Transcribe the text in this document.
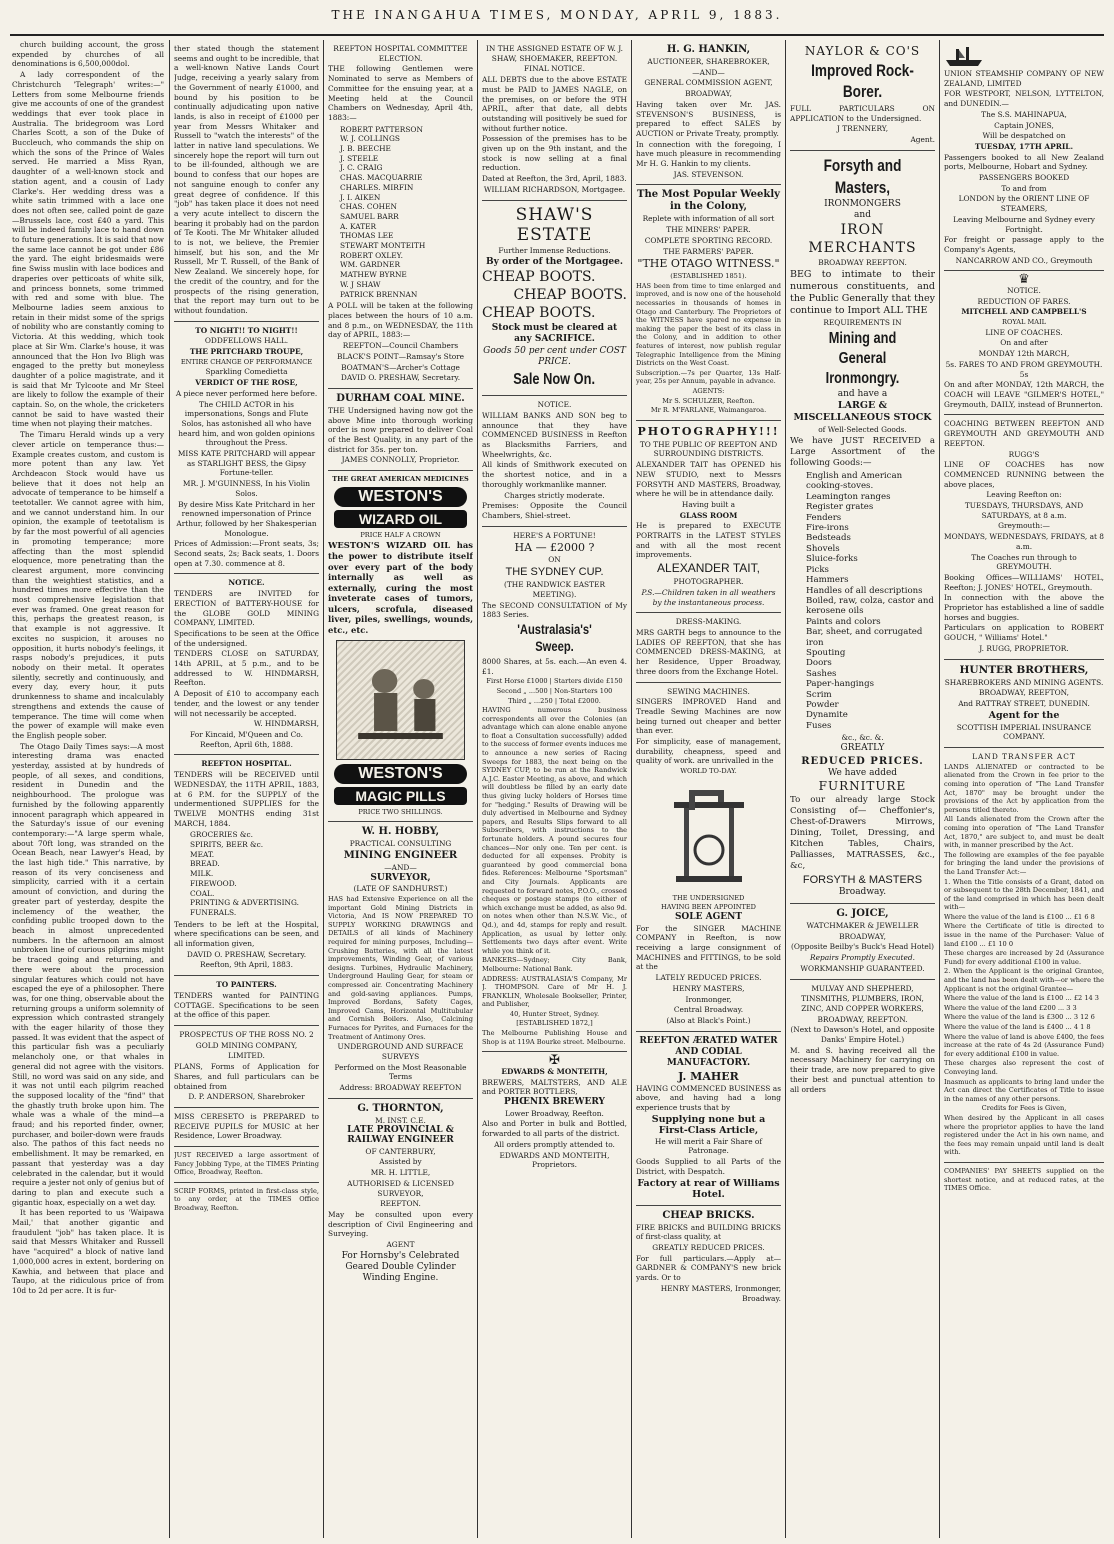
THE INANGAHUA TIMES, MONDAY, APRIL 9, 1883.

church building account, the gross expended by churches of all denominations is 6,500,000dol.

A lady correspondent of the Christchurch 'Telegraph' writes:—" Letters from some Melbourne friends give me accounts of one of the grandest weddings that ever took place in Australia. The bridegroom was Lord Charles Scott, a son of the Duke of Buccleuch, who commands the ship on which the sons of the Prince of Wales served. He married a Miss Ryan, daughter of a well-known stock and station agent, and a cousin of Lady Clarke's. Her wedding dress was a white satin trimmed with a lace one does not often see, called point de gaze —Brussels lace, cost £40 a yard. This will be indeed family lace to hand down to future generations. It is said that now the same lace cannot be got under £86 the yard. The eight bridesmaids were fine Swiss muslin with lace bodices and draperies over petticoats of white silk, and princess bonnets, some trimmed with red and some with blue. The Melbourne ladies seem anxious to retain in their midst some of the sprigs of nobility who are constantly coming to Victoria. At this wedding, which took place at Sir Wm. Clarke's house, it was announced that the Hon Ivo Bligh was engaged to the pretty but moneyless daughter of a police magistrate, and it is said that Mr Tylcoote and Mr Steel are likely to follow the example of their captain. So, on the whole, the cricketers cannot be said to have wasted their time when not playing their matches.

The Timaru Herald winds up a very clever article on temperance thus:— Example creates custom, and custom is more potent than any law. Yet Archdeacon Stock would have us believe that it does not help an advocate of temperance to be himself a teetotaller. We cannot agree with him, and we cannot understand him. In our opinion, the example of teetotalism is by far the most powerful of all agencies in promoting temperance; more affecting than the most splendid eloquence, more penetrating than the clearest argument, more convincing than the weightiest statistics, and a hundred times more effective than the most comprehensive legislation that ever was framed. One great reason for this, perhaps the greatest reason, is that example is not aggressive. It excites no suspicion, it arouses no opposition, it hurts nobody's feelings, it rasps nobody's prejudices, it puts nobody on their metal. It operates silently, secretly and continuously, and every day, every hour, it puts drunkenness to shame and incalculably strengthens and extends the cause of temperance. The time will come when the power of example will make even the English people sober.

The Otago Daily Times says:—A most interesting drama was enacted yesterday, assisted at by hundreds of people, of all sexes, and conditions, resident in Dunedin and the neighbourhood. The prologue was furnished by the following apparently innocent paragraph which appeared in the Saturday's issue of our evening contemporary:—"A large sperm whale, about 70ft long, was stranded on the Ocean Beach, near Lawyer's Head, by the last high tide." This narrative, by reason of its very conciseness and simplicity, carried with it a certain amount of conviction, and during the greater part of yesterday, despite the inclemency of the weather, the confiding public trooped down to the beach in almost unprecedented numbers. In the afternoon an almost unbroken line of curious pilgrims might be traced going and returning, and there were about the procession singular features which could not have escaped the eye of a philosopher. There was, for one thing, observable about the returning groups a uniform solemnity of expression which contrasted strangely with the eager hilarity of those they passed. It was evident that the aspect of this particular fish was a peculiarly melancholy one, or that whales in general did not agree with the visitors. Still, no word was said on any side, and it was not until each pilgrim reached the supposed locality of the "find" that the ghastly truth broke upon him. The whale was a whale of the mind—a fraud; and his reported finder, owner, purchaser, and boiler-down were frauds also. The pathos of this fact needs no embellishment. It may be remarked, en passant that yesterday was a day celebrated in the calendar, but it would require a jester not only of genius but of daring to plan and execute such a gigantic hoax, especially on a wet day.

It has been reported to us 'Waipawa Mail,' that another gigantic and fraudulent "job" has taken place. It is said that Messrs Whitaker and Russell have "acquired" a block of native land 1,000,000 acres in extent, bordering on Kawhia, and between that place and Taupo, at the ridiculous price of from 10d to 2d per acre. It is fur-

ther stated though the statement seems and ought to be incredible, that a well-known Native Lands Court Judge, receiving a yearly salary from the Government of nearly £1000, and bound by his position to be continually adjudicating upon native lands, is also in receipt of £1000 per year from Messrs Whitaker and Russell to "watch the interests" of the latter in native land speculations. We sincerely hope the report will turn out to be ill-founded, although we are bound to confess that our hopes are not sanguine enough to confer any great degree of confidence. If this "job" has taken place it does not need a very acute intellect to discern the bearing it probably had on the pardon of Te Kooti. The Mr Whitaker alluded to is not, we believe, the Premier himself, but his son, and the Mr Russell, Mr T. Russell, of the Bank of New Zealand. We sincerely hope, for the credit of the country, and for the prospects of the rising generation, that the report may turn out to be without foundation.
TO NIGHT!! TO NIGHT!!
ODDFELLOWS HALL.
THE PRITCHARD TROUPE,
ENTIRE CHANGE OF PERFORMANCE
Sparkling Comedietta
VERDICT OF THE ROSE,
A piece never performed here before.
The CHILD ACTOR in his impersonations, Songs and Flute Solos, has astonished all who have heard him, and won golden opinions throughout the Press.
MISS KATE PRITCHARD will appear as STARLIGHT BESS, the Gipsy Fortune-teller.
MR. J. M'GUINNESS, In his Violin Solos.
By desire Miss Kate Pritchard in her renowned impersonation of Prince Arthur, followed by her Shakesperian Monologue.
Prices of Admission:—Front seats, 3s; Second seats, 2s; Back seats, 1. Doors open at 7.30. commence at 8.
NOTICE.
TENDERS are INVITED for ERECTION of BATTERY-HOUSE for the GLOBE GOLD MINING COMPANY, LIMITED.
Specifications to be seen at the Office of the undersigned.
TENDERS CLOSE on SATURDAY, 14th APRIL, at 5 p.m., and to be addressed to W. HINDMARSH, Reefton.
A Deposit of £10 to accompany each tender, and the lowest or any tender will not necessarily be accepted.
W. HINDMARSH,
For Kincaid, M'Queen and Co. Reefton, April 6th, 1888.
REEFTON HOSPITAL.
TENDERS will be RECEIVED until WEDNESDAY, the 11TH APRIL, 1883, at 6 P.M. for the SUPPLY of the undermentioned SUPPLIES for the TWELVE MONTHS ending 31st MARCH, 1884.
GROCERIES &c.
SPIRITS, BEER &c.
MEAT.
BREAD.
MILK.
FIREWOOD.
COAL.
PRINTING & ADVERTISING.
FUNERALS.
Tenders to be left at the Hospital, where specifications can be seen, and all information given,
DAVID O. PRESHAW, Secretary.
Reefton, 9th April, 1883.
TO PAINTERS.
TENDERS wanted for PAINTING COTTAGE. Specifications to be seen at the office of this paper.
PROSPECTUS OF THE ROSS NO. 2
GOLD MINING COMPANY,
LIMITED.
PLANS, Forms of Application for Shares, and full particulars can be obtained from
D. P. ANDERSON, Sharebroker
MISS CERESETO is PREPARED to RECEIVE PUPILS for MUSIC at her Residence, Lower Broadway.
JUST RECEIVED a large assortment of Fancy Jobbing Type, at the TIMES Printing Office, Broadway, Reefton.
SCRIP FORMS, printed in first-class style, to any order, at the TIMES Office Broadway, Reefton.
REEFTON HOSPITAL COMMITTEE ELECTION.
THE following Gentlemen were Nominated to serve as Members of Committee for the ensuing year, at a Meeting held at the Council Chambers on Wednesday, April 4th, 1883:—
ROBERT PATTERSON
W. J. COLLINGS
J. B. BEECHE
J. STEELE
J. C. CRAIG
CHAS. MACQUARRIE
CHARLES. MIRFIN
J. I. AIKEN
CHAS. COHEN
SAMUEL BARR
A. KATER
THOMAS LEE
STEWART MONTEITH
ROBERT OXLEY.
WM. GARDNER
MATHEW BYRNE
W. J SHAW
PATRICK BRENNAN
A POLL will be taken at the following places between the hours of 10 a.m. and 8 p.m., on WEDNESDAY, the 11th day of APRIL, 1883:—
REEFTON—Council Chambers
BLACK'S POINT—Ramsay's Store
BOATMAN'S—Archer's Cottage
DAVID O. PRESHAW, Secretary.
DURHAM COAL MINE.
THE Undersigned having now got the above Mine into thorough working order is now prepared to deliver Coal of the Best Quality, in any part of the district for 35s. per ton.
JAMES CONNOLLY, Proprietor.
THE GREAT AMERICAN MEDICINES
WESTON'S
WIZARD OIL
PRICE HALF A CROWN
WESTON'S WIZARD OIL has the power to distribute itself over every part of the body internally as well as externally, curing the most inveterate cases of tumors, ulcers, scrofula, diseased liver, piles, swellings, wounds, etc., etc.
WESTON'S
MAGIC PILLS
PRICE TWO SHILLINGS.
W. H. HOBBY,
PRACTICAL CONSULTING
MINING ENGINEER
—AND—
SURVEYOR,
(LATE OF SANDHURST.)
HAS had Extensive Experience on all the important Gold Mining Districts in Victoria, And IS NOW PREPARED TO SUPPLY WORKING DRAWINGS and DETAILS of all kinds of Machinery required for mining purposes, Including— Crushing Batteries, with all the latest improvements, Winding Gear, of various designs. Turbines, Hydraulic Machinery, Underground Hauling Gear, for steam or compressed air. Concentrating Machinery and gold-saving appliances. Pumps, Improved Bordans, Safety Cages, Improved Cams, Horizontal Multitubular and Cornish Boilers. Also, Calcining Furnaces for Pyrites, and Furnaces for the Treatment of Antimony Ores.
UNDERGROUND AND SURFACE SURVEYS
Performed on the Most Reasonable Terms
Address: BROADWAY REEFTON
G. THORNTON,
M. INST. C.E.
LATE PROVINCIAL & RAILWAY ENGINEER
OF CANTERBURY,
Assisted by
MR. H. LITTLE,
AUTHORISED & LICENSED SURVEYOR,
REEFTON.
May be consulted upon every description of Civil Engineering and Surveying.
AGENT
For Hornsby's Celebrated Geared Double Cylinder Winding Engine.
IN THE ASSIGNED ESTATE OF W. J. SHAW, SHOEMAKER, REEFTON.
FINAL NOTICE.
ALL DEBTS due to the above ESTATE must be PAID to JAMES NAGLE, on the premises, on or before the 9TH APRIL, after that date, all debts outstanding will positively be sued for without further notice.
Possession of the premises has to be given up on the 9th instant, and the stock is now selling at a final reduction.
Dated at Reefton, the 3rd, April, 1883.
WILLIAM RICHARDSON, Mortgagee.
SHAW'S ESTATE
Further Immense Reductions.
By order of the Mortgagee.
CHEAP BOOTS.
CHEAP BOOTS.
CHEAP BOOTS.
Stock must be cleared at any SACRIFICE.
Goods 50 per cent under COST PRICE.
Sale Now On.
NOTICE.
WILLIAM BANKS AND SON beg to announce that they have COMMENCED BUSINESS in Reefton as Blacksmiths Farriers, and Wheelwrights, &c.
All kinds of Smithwork executed on the shortest notice, and in a thoroughly workmanlike manner.
Charges strictly moderate.
Premises: Opposite the Council Chambers, Shiel-street.
HERE'S A FORTUNE!
HA — £2000 ?
ON
THE SYDNEY CUP.
(THE RANDWICK EASTER MEETING).
The SECOND CONSULTATION of My 1883 Series.
'Australasia's' Sweep.
8000 Shares, at 5s. each.—An even 4. £1.
First Horse £1000 | Starters divide £150
Second „ ...500 | Non-Starters 100
Third „ ...250 | Total £2000.
HAVING numerous business correspondents all over the Colonies (an advantage which can alone enable anyone to float a Consultation successfully) added to the success of former events induces me to announce a new series of Racing Sweeps for 1883, the next being on the SYDNEY CUP, to be run at the Randwick A.J.C. Easter Meeting, as above, and which will doubtless be filled by an early date thus giving lucky holders of Horses time for "hedging." Results of Drawing will be duly advertised in Melbourne and Sydney papers, and Results Slips forward to all Subscribers, with instructions to the fortunate holders. A pound secures four chances—Nor only one. Ten per cent. is deducted for all expenses. Probity is guaranteed by good commercial bona fides. References: Melbourne "Sportsman" and City Journals. Applicants are requested to forward notes, P.O.O., crossed cheques or postage stamps (to either of which exchange must be added, as also 9d. on notes when other than N.S.W. Vic., of Qd.), and 4d, stamps for reply and result. Application, as usual by letter only. Settlements two days after event. Write while you think of it.
BANKERS—Sydney; City Bank, Melbourne: National Bank.
ADDRESS: AUSTRALASIA'S Company, Mr J. THOMPSON. Care of Mr H. J. FRANKLIN, Wholesale Bookseller, Printer, and Publisher,
40, Hunter Street, Sydney.
[ESTABLISHED 1872,]
The Melbourne Publishing House and Shop is at 119A Bourke street. Melbourne.
✠
EDWARDS & MONTEITH,
BREWERS, MALTSTERS, AND ALE and PORTER BOTTLERS,
PHŒNIX BREWERY
Lower Broadway, Reefton.
Also and Porter in bulk and Bottled, forwarded to all parts of the district.
All orders promptly attended to.
EDWARDS AND MONTEITH, Proprietors.
H. G. HANKIN,
AUCTIONEER, SHAREBROKER,
—AND—
GENERAL COMMISSION AGENT,
BROADWAY,
Having taken over Mr. JAS. STEVENSON'S BUSINESS, is prepared to effect SALES by AUCTION or Private Treaty, promptly.
In connection with the foregoing, I have much pleasure in recommending Mr H. G. Hankin to my clients.
JAS. STEVENSON.
The Most Popular Weekly in the Colony,
Replete with information of all sort
THE MINERS' PAPER.
COMPLETE SPORTING RECORD.
THE FARMERS' PAPER.
"THE OTAGO WITNESS."
(ESTABLISHED 1851).
HAS been from time to time enlarged and improved, and is now one of the household necessaries in thousands of homes in Otago and Canterbury. The Proprietors of the WITNESS have spared no expense in making the paper the best of its class in the Colony, and in addition to other features of interest, now publish regular Telegraphic Intelligence from the Mining Districts on the West Coast.
Subscription.—7s per Quarter, 13s Half-year, 25s per Annum, payable in advance.
AGENTS:
Mr S. SCHULZER, Reefton.
Mr R. M'FARLANE, Waimangaroa.
PHOTOGRAPHY!!!
TO THE PUBLIC OF REEFTON AND SURROUNDING DISTRICTS.
ALEXANDER TAIT has OPENED his NEW STUDIO, next to Messrs FORSYTH AND MASTERS, Broadway, where he will be in attendance daily.
Having built a
GLASS ROOM
He is prepared to EXECUTE PORTRAITS in the LATEST STYLES and with all the most recent improvements.
ALEXANDER TAIT,
PHOTOGRAPHER.
P.S.—Children taken in all weathers by the instantaneous process.
DRESS-MAKING.
MRS GARTH begs to announce to the LADIES OF REEFTON, that she has COMMENCED DRESS-MAKING, at her Residence, Upper Broadway, three doors from the Exchange Hotel.
SEWING MACHINES.
SINGERS IMPROVED Hand and Treadle Sewing Machines are now being turned out cheaper and better than ever.
For simplicity, ease of management, durability, cheapness, speed and quality of work. are unrivalled in the
WORLD TO-DAY.
THE UNDERSIGNED
HAVING BEEN APPOINTED
SOLE AGENT
For the SINGER MACHINE COMPANY in Reefton, is now receiving a large consignment of MACHINES and FITTINGS, to be sold at the
LATELY REDUCED PRICES.
HENRY MASTERS,
Ironmonger,
Central Broadway.
(Also at Black's Point.)
REEFTON ÆRATED WATER AND CODIAL MANUFACTORY.
J. MAHER
HAVING COMMENCED BUSINESS as above, and having had a long experience trusts that by
Supplying none but a First-Class Article,
He will merit a Fair Share of Patronage.
Goods Supplied to all Parts of the District, with Despatch.
Factory at rear of Williams Hotel.
CHEAP BRICKS.
FIRE BRICKS and BUILDING BRICKS of first-class quality, at
GREATLY REDUCED PRICES.
For full particulars.—Apply at—GARDNER & COMPANY'S new brick yards. Or to
HENRY MASTERS, Ironmonger, Broadway.
NAYLOR & CO'S
Improved Rock-Borer.
FULL PARTICULARS ON APPLICATION to the Undersigned.
J TRENNERY,
Agent.
Forsyth and Masters,
IRONMONGERS
and
IRON MERCHANTS
BROADWAY REEFTON.
BEG to intimate to their numerous constituents, and the Public Generally that they continue to Import ALL THE
REQUIREMENTS IN
Mining and General Ironmongry.
and have a
LARGE & MISCELLANEOUS STOCK
of Well-Selected Goods.
We have JUST RECEIVED a Large Assortment of the following Goods:—
English and American cooking-stoves.
Leamington ranges
Register grates
Fenders
Fire-irons
Bedsteads
Shovels
Sluice-forks
Picks
Hammers
Handles of all descriptions
Boiled, raw, colza, castor and kerosene oils
Paints and colors
Bar, sheet, and corrugated iron
Spouting
Doors
Sashes
Paper-hangings
Scrim
Powder
Dynamite
Fuses
&c., &c. &.
GREATLY
REDUCED PRICES.
We have added
FURNITURE
To our already large Stock Consisting of— Cheffonier's, Chest-of-Drawers Mirrows, Dining, Toilet, Dressing, and Kitchen Tables, Chairs, Palliasses, MATRASSES, &c., &c,
FORSYTH & MASTERS
Broadway.
G. JOICE,
WATCHMAKER & JEWELLER
BROADWAY,
(Opposite Beilby's Buck's Head Hotel)
Repairs Promptly Executed.
WORKMANSHIP GUARANTEED.
MULVAY AND SHEPHERD,
TINSMITHS, PLUMBERS, IRON, ZINC, AND COPPER WORKERS,
BROADWAY, REEFTON.
(Next to Dawson's Hotel, and opposite Danks' Empire Hotel.)
M. and S. having received all the necessary Machinery for carrying on their trade, are now prepared to give their best and punctual attention to all orders
UNION STEAMSHIP COMPANY OF NEW ZEALAND, LIMITED
FOR WESTPORT, NELSON, LYTTELTON, and DUNEDIN.—
The S.S. MAHINAPUA,
Captain JONES,
Will be despatched on
TUESDAY, 17TH APRIL.
Passengers booked to all New Zealand ports, Melbourne, Hobart and Sydney.
PASSENGERS BOOKED
To and from
LONDON by the ORIENT LINE OF STEAMERS,
Leaving Melbourne and Sydney every Fortnight.
For freight or passage apply to the Company's Agents,
NANCARROW AND CO., Greymouth
♛
NOTICE.
REDUCTION OF FARES.
MITCHELL AND CAMPBELL'S
ROYAL MAIL
LINE OF COACHES.
On and after
MONDAY 12th MARCH,
5s. FARES TO AND FROM GREYMOUTH. 5s
On and after MONDAY, 12th MARCH, the COACH will LEAVE "GILMER'S HOTEL," Greymouth, DAILY, instead of Brunnerton.
COACHING BETWEEN REEFTON AND GREYMOUTH AND GREYMOUTH AND REEFTON.
RUGG'S
LINE OF COACHES has now COMMENCED RUNNING between the above places,
Leaving Reefton on:
TUESDAYS, THURSDAYS, AND SATURDAYS, at 8 a.m.
Greymouth:—
MONDAYS, WEDNESDAYS, FRIDAYS, at 8 a.m.
The Coaches run through to GREYMOUTH.
Booking Offices—WILLIAMS' HOTEL, Reefton; J. JONES' HOTEL, Greymouth.
In connection with the above the Proprietor has established a line of saddle horses and buggies.
Particulars on application to ROBERT GOUCH, " Williams' Hotel."
J. RUGG, PROPRIETOR.
HUNTER BROTHERS,
SHAREBROKERS AND MINING AGENTS.
BROADWAY, REEFTON,
And RATTRAY STREET, DUNEDIN.
Agent for the
SCOTTISH IMPERIAL INSURANCE COMPANY.
LAND TRANSFER ACT
LANDS ALIENATED or contracted to be alienated from the Crown in fee prior to the coming into operation of "The Land Transfer Act, 1870" may be brought under the provisions of the Act by application from the persons titled thereto.
All Lands alienated from the Crown after the coming into operation of "The Land Transfer Act, 1870," are subject to, and must be dealt with, in manner prescribed by the Act.
The following are examples of the fee payable for bringing the land under the provisions of the Land Transfer Act:—
1. When the Title consists of a Grant, dated on or subsequent to the 28th December, 1841, and of the land comprised in which has been dealt with—
Where the value of the land is £100 ... £1 6 8
Where the Certificate of title is directed to issue in the name of the Purchaser: Value of land £100 ... £1 10 0
These charges are increased by 2d (Assurance Fund) for every additional £100 in value.
2. When the Applicant is the original Grantee, and the land has been dealt with—or where the Applicant is not the original Grantee—
Where the value of the land is £100 ... £2 14 3
Where the value of the land £200 ... 3 3
Where the value of the land is £300 ... 3 12 6
Where the value of the land is £400 ... 4 1 8
Where the value of land is above £400, the fees increase at the rate of 4s 2d (Assurance Fund) for every additional £100 in value.
These charges also represent the cost of Conveying land.
Inasmuch as applicants to bring land under the Act can direct the Certificates of Title to issue in the names of any other persons.
Credits for Fees is Given,
When desired by the Applicant in all cases where the proprietor applies to have the land registered under the Act in his own name, and the fees may remain unpaid until land is dealt with.
COMPANIES' PAY SHEETS supplied on the shortest notice, and at reduced rates, at the TIMES Office.
